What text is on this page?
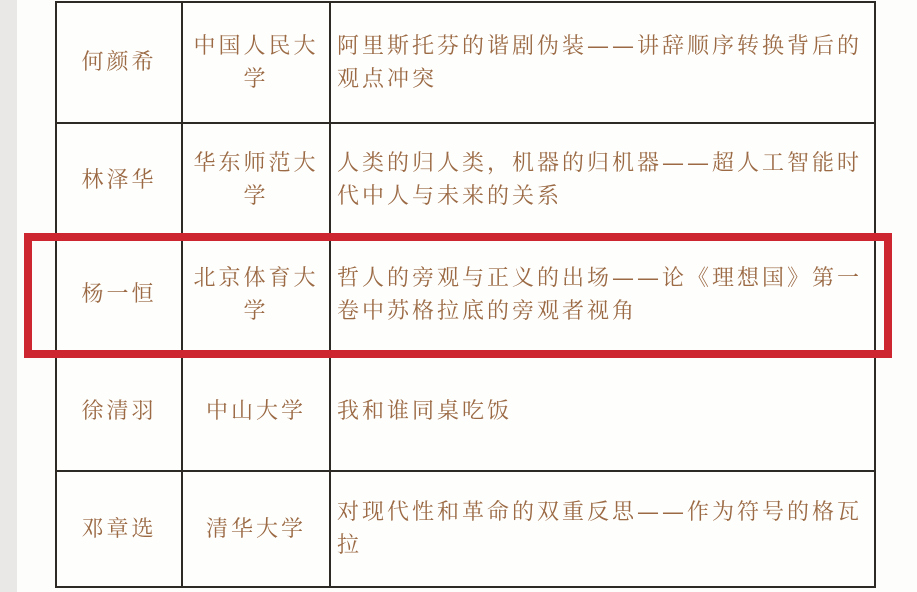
何颜希	中国人民大学	阿里斯托芬的谐剧伪装——讲辞顺序转换背后的观点冲突
林泽华	华东师范大学	人类的归人类，机器的归机器——超人工智能时代中人与未来的关系
杨一恒	北京体育大学	哲人的旁观与正义的出场——论《理想国》第一卷中苏格拉底的旁观者视角
徐清羽	中山大学	我和谁同桌吃饭
邓章选	清华大学	对现代性和革命的双重反思——作为符号的格瓦拉
